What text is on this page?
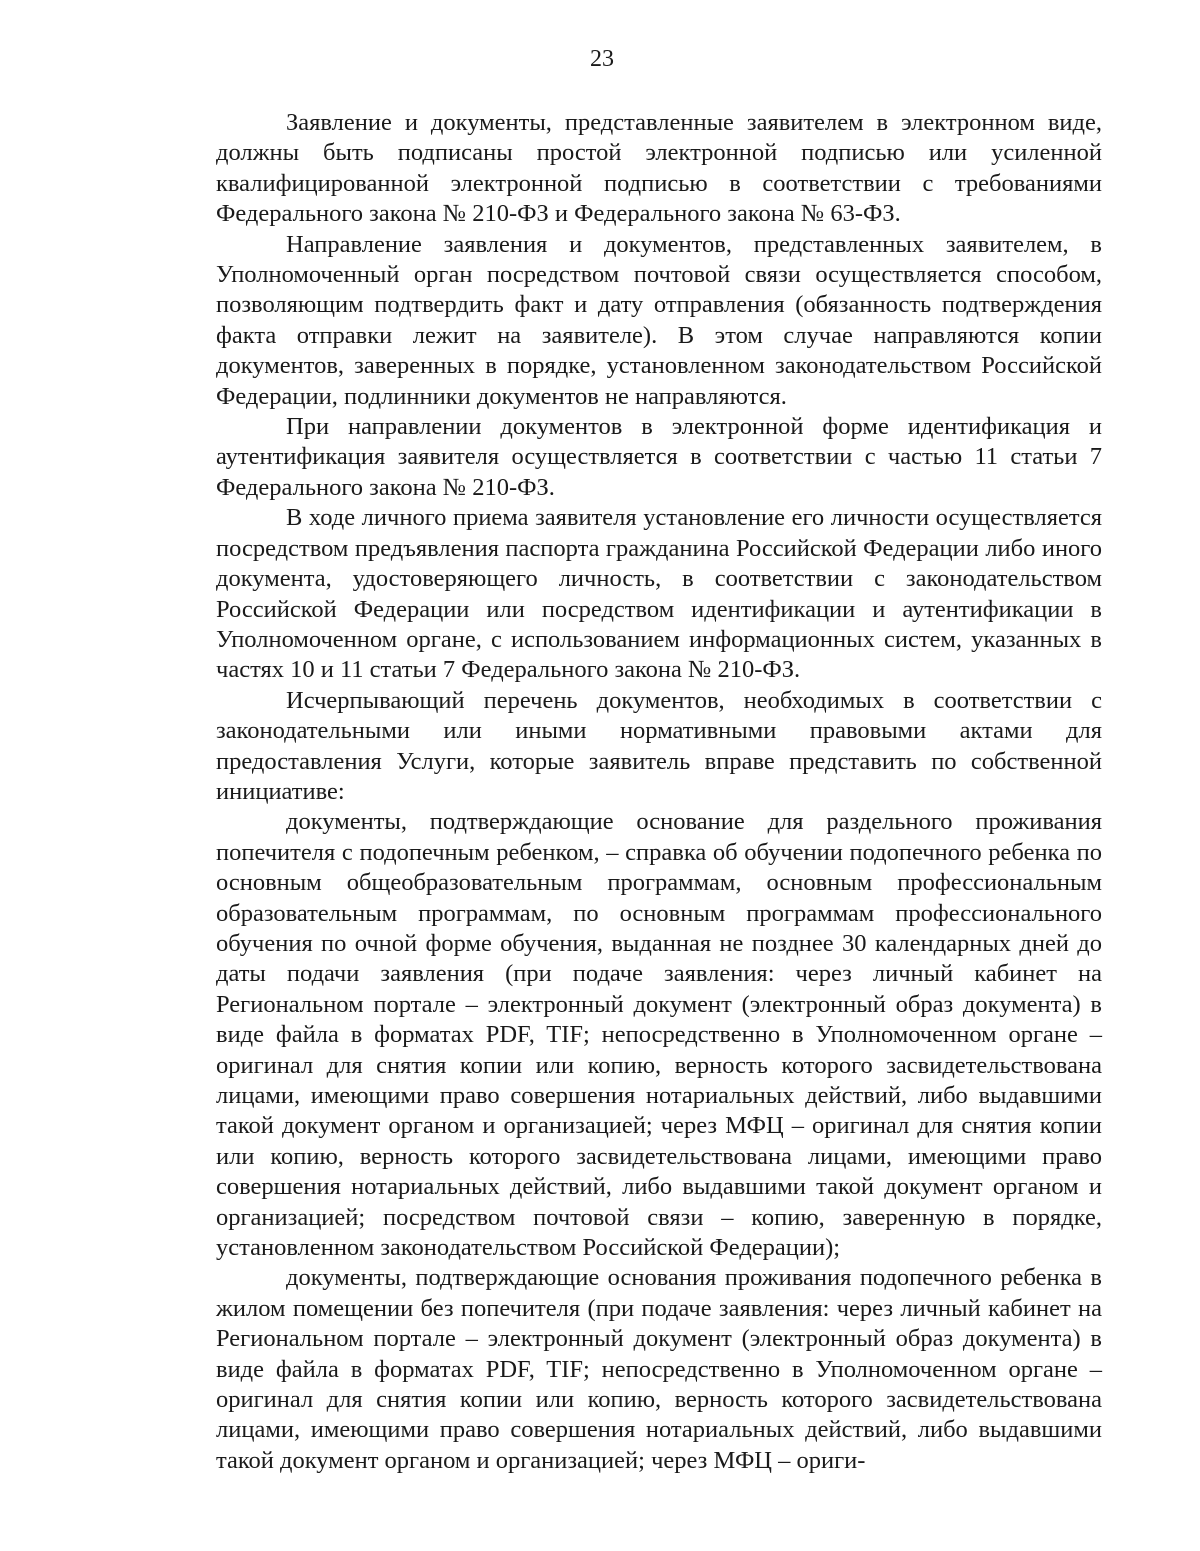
23

Заявление и документы, представленные заявителем в электронном виде, должны быть подписаны простой электронной подписью или усиленной квалифицированной электронной подписью в соответствии с требованиями Федерального закона № 210-ФЗ и Федерального закона № 63-ФЗ.

Направление заявления и документов, представленных заявителем, в Уполномоченный орган посредством почтовой связи осуществляется способом, позволяющим подтвердить факт и дату отправления (обязанность подтверждения факта отправки лежит на заявителе). В этом случае направляются копии документов, заверенных в порядке, установленном законодательством Российской Федерации, подлинники документов не направляются.

При направлении документов в электронной форме идентификация и аутентификация заявителя осуществляется в соответствии с частью 11 статьи 7 Федерального закона № 210-ФЗ.

В ходе личного приема заявителя установление его личности осуществляется посредством предъявления паспорта гражданина Российской Федерации либо иного документа, удостоверяющего личность, в соответствии с законодательством Российской Федерации или посредством идентификации и аутентификации в Уполномоченном органе, с использованием информационных систем, указанных в частях 10 и 11 статьи 7 Федерального закона № 210-ФЗ.

Исчерпывающий перечень документов, необходимых в соответствии с законодательными или иными нормативными правовыми актами для предоставления Услуги, которые заявитель вправе представить по собственной инициативе:

документы, подтверждающие основание для раздельного проживания попечителя с подопечным ребенком, – справка об обучении подопечного ребенка по основным общеобразовательным программам, основным профессиональным образовательным программам, по основным программам профессионального обучения по очной форме обучения, выданная не позднее 30 календарных дней до даты подачи заявления (при подаче заявления: через личный кабинет на Региональном портале – электронный документ (электронный образ документа) в виде файла в форматах PDF, TIF; непосредственно в Уполномоченном органе – оригинал для снятия копии или копию, верность которого засвидетельствована лицами, имеющими право совершения нотариальных действий, либо выдавшими такой документ органом и организацией; через МФЦ – оригинал для снятия копии или копию, верность которого засвидетельствована лицами, имеющими право совершения нотариальных действий, либо выдавшими такой документ органом и организацией; посредством почтовой связи – копию, заверенную в порядке, установленном законодательством Российской Федерации);

документы, подтверждающие основания проживания подопечного ребенка в жилом помещении без попечителя (при подаче заявления: через личный кабинет на Региональном портале – электронный документ (электронный образ документа) в виде файла в форматах PDF, TIF; непосредственно в Уполномоченном органе – оригинал для снятия копии или копию, верность которого засвидетельствована лицами, имеющими право совершения нотариальных действий, либо выдавшими такой документ органом и организацией; через МФЦ – ориги-
